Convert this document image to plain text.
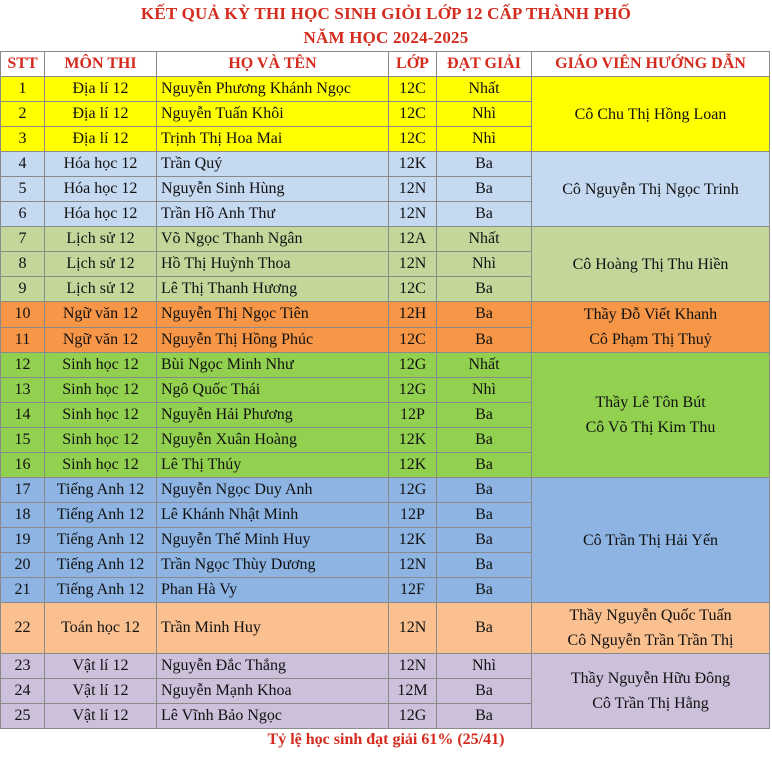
KẾT QUẢ KỲ THI HỌC SINH GIỎI LỚP 12 CẤP THÀNH PHỐ
NĂM HỌC 2024-2025
STT	MÔN THI	HỌ VÀ TÊN	LỚP	ĐẠT GIẢI	GIÁO VIÊN HƯỚNG DẪN
1	Địa lí 12	Nguyễn Phương Khánh Ngọc	12C	Nhất	Cô Chu Thị Hồng Loan

2	Địa lí 12	Nguyễn Tuấn Khôi	12C	Nhì	
3	Địa lí 12	Trịnh Thị Hoa Mai	12C	Nhì	
4	Hóa học 12	Trần Quý	12K	Ba	Cô Nguyễn Thị Ngọc Trinh

5	Hóa học 12	Nguyễn Sinh Hùng	12N	Ba	
6	Hóa học 12	Trần Hồ Anh Thư	12N	Ba	
7	Lịch sử 12	Võ Ngọc Thanh Ngân	12A	Nhất	Cô Hoàng Thị Thu Hiền

8	Lịch sử 12	Hồ Thị Huỳnh Thoa	12N	Nhì	
9	Lịch sử 12	Lê Thị Thanh Hương	12C	Ba	
10	Ngữ văn 12	Nguyễn Thị Ngọc Tiên	12H	Ba	Thầy Đỗ Viết Khanh
Cô Phạm Thị Thuỷ

11	Ngữ văn 12	Nguyễn Thị Hồng Phúc	12C	Ba	
12	Sinh học 12	Bùi Ngọc Minh Như	12G	Nhất	Thầy Lê Tôn Bút
Cô Võ Thị Kim Thu

13	Sinh học 12	Ngô Quốc Thái	12G	Nhì	
14	Sinh học 12	Nguyễn Hải Phương	12P	Ba	
15	Sinh học 12	Nguyễn Xuân Hoàng	12K	Ba	
16	Sinh học 12	Lê Thị Thúy	12K	Ba	
17	Tiếng Anh 12	Nguyễn Ngọc Duy Anh	12G	Ba	Cô Trần Thị Hải Yến

18	Tiếng Anh 12	Lê Khánh Nhật Minh	12P	Ba	
19	Tiếng Anh 12	Nguyễn Thế Minh Huy	12K	Ba	
20	Tiếng Anh 12	Trần Ngọc Thùy Dương	12N	Ba	
21	Tiếng Anh 12	Phan Hà Vy	12F	Ba	
22	Toán học 12	Trần Minh Huy	12N	Ba	Thầy Nguyễn Quốc Tuấn
Cô Nguyễn Trần Trần Thị

23	Vật lí 12	Nguyễn Đắc Thắng	12N	Nhì	Thầy Nguyễn Hữu Đông
Cô Trần Thị Hằng

24	Vật lí 12	Nguyễn Mạnh Khoa	12M	Ba	
25	Vật lí 12	Lê Vĩnh Bảo Ngọc	12G	Ba	
Tỷ lệ học sinh đạt giải 61% (25/41)
